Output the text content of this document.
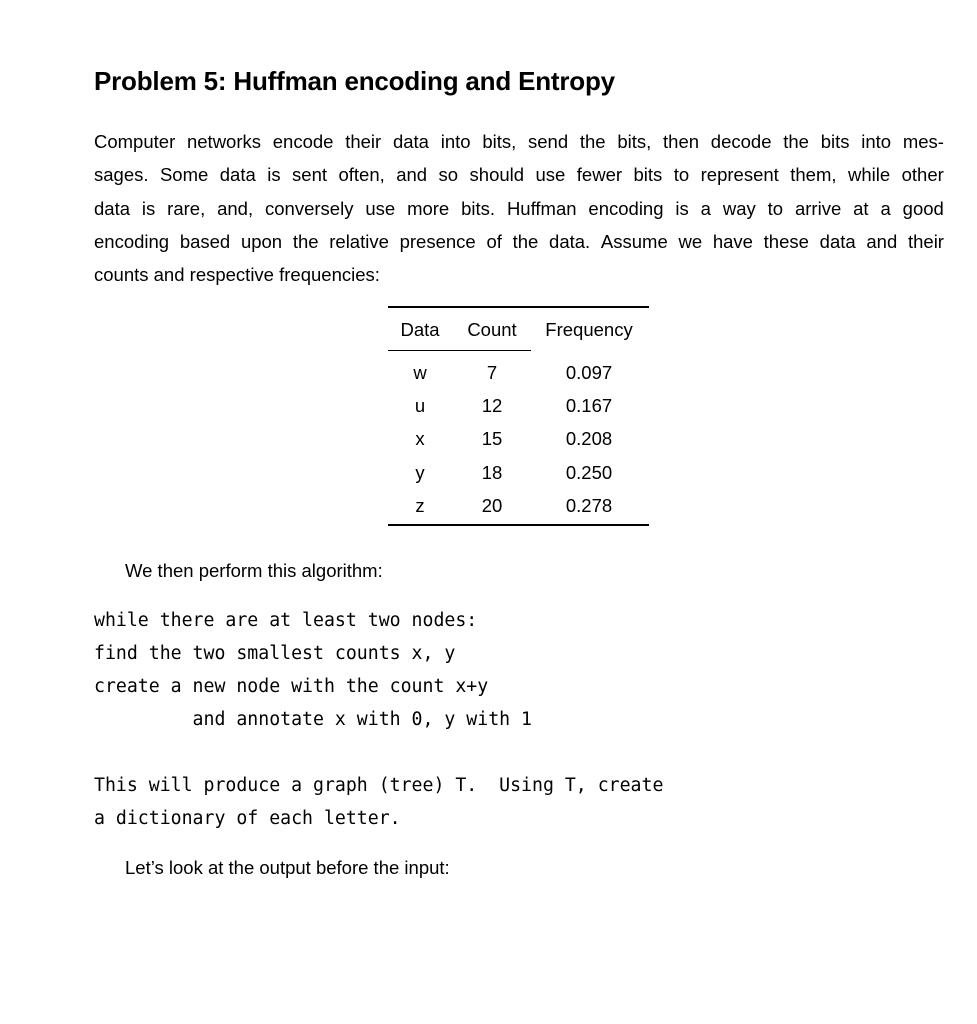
Problem 5: Huffman encoding and Entropy
Computer networks encode their data into bits, send the bits, then decode the bits into mes-
sages. Some data is sent often, and so should use fewer bits to represent them, while other
data is rare, and, conversely use more bits. Huffman encoding is a way to arrive at a good
encoding based upon the relative presence of the data. Assume we have these data and their
counts and respective frequencies:
Data Count Frequency
w	7	0.097
u	12	0.167
x	15	0.208
y	18	0.250
z	20	0.278
We then perform this algorithm:
while there are at least two nodes:
find the two smallest counts x, y
create a new node with the count x+y
and annotate x with 0, y with 1
This will produce a graph (tree) T.  Using T, create
a dictionary of each letter.
Let’s look at the output before the input:
